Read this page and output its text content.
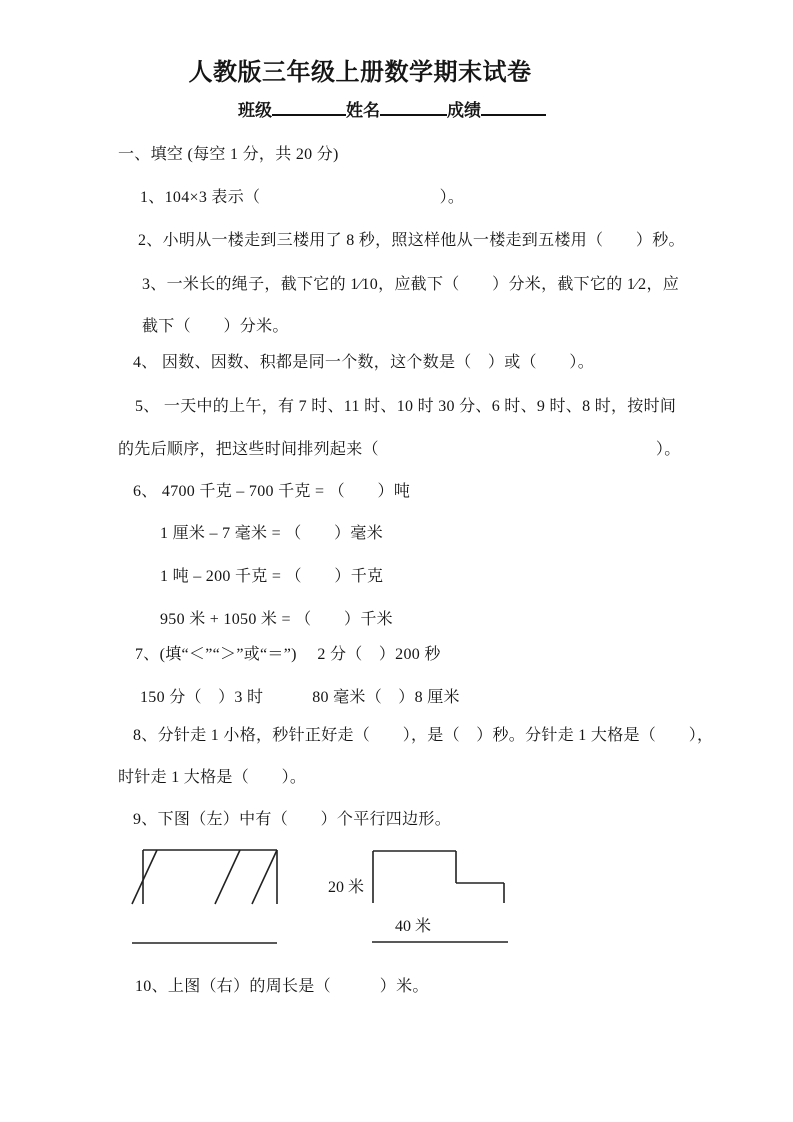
人教版三年级上册数学期末试卷
班级	姓名	成绩
一、填空 (每空 1 分，共 20 分)
1、104×3 表示（　　　　　　　　　　　）。
2、小明从一楼走到三楼用了 8 秒，照这样他从一楼走到五楼用（　　）秒。
3、一米长的绳子，截下它的 1⁄10，应截下（　　）分米，截下它的 1⁄2，应
截下（　　）分米。
4、 因数、因数、积都是同一个数，这个数是（　）或（　　）。
5、 一天中的上午，有 7 时、11 时、10 时 30 分、6 时、9 时、8 时，按时间
的先后顺序，把这些时间排列起来（　　　　　　　　　　　　　　　　　）。
6、 4700 千克 – 700 千克 = （　　）吨
1 厘米 – 7 毫米 = （　　）毫米
1 吨 – 200 千克 = （　　）千克
950 米 + 1050 米 = （　　）千米
7、(填“＜”“＞”或“＝”)　 2 分（　）200 秒
150 分（　）3 时　　　80 毫米（　）8 厘米
8、分针走 1 小格，秒针正好走（　　），是（　）秒。分针走 1 大格是（　　），
时针走 1 大格是（　　）。
9、下图（左）中有（　　）个平行四边形。
20 米
40 米
10、上图（右）的周长是（　　　）米。
